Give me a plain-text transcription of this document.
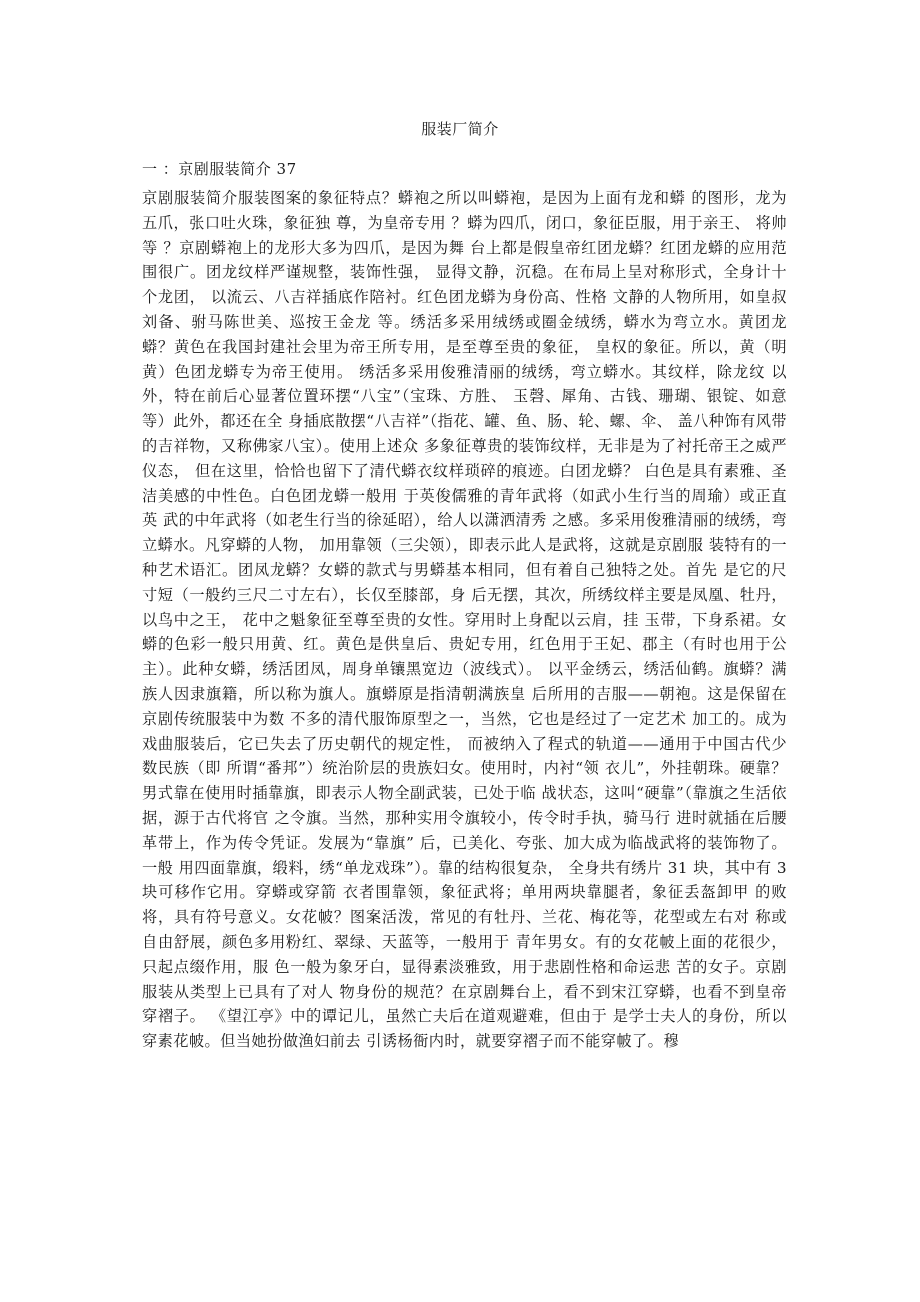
服装厂简介
一 ：京剧服装简介 37
京剧服装简介服装图案的象征特点？蟒袍之所以叫蟒袍，是因为上面有龙和蟒 的图形，龙为五爪，张口吐火珠，象征独 尊，为皇帝专用 ？蟒为四爪，闭口，象征臣服，用于亲王、 将帅等 ？京剧蟒袍上的龙形大多为四爪，是因为舞 台上都是假皇帝红团龙蟒？红团龙蟒的应用范围很广。团龙纹样严谨规整，装饰性强， 显得文静，沉稳。在布局上呈对称形式，全身计十个龙团， 以流云、八吉祥插底作陪衬。红色团龙蟒为身份高、性格 文静的人物所用，如皇叔刘备、驸马陈世美、巡按王金龙 等。绣活多采用绒绣或圈金绒绣，蟒水为弯立水。黄团龙蟒？黄色在我国封建社会里为帝王所专用，是至尊至贵的象征， 皇权的象征。所以，黄（明黄）色团龙蟒专为帝王使用。 绣活多采用俊雅清丽的绒绣，弯立蟒水。其纹样，除龙纹 以外，特在前后心显著位置环摆“八宝”（宝珠、方胜、 玉磬、犀角、古钱、珊瑚、银锭、如意等）此外，都还在全 身插底散摆“八吉祥”（指花、罐、鱼、肠、轮、螺、伞、 盖八种饰有风带的吉祥物，又称佛家八宝）。使用上述众 多象征尊贵的装饰纹样，无非是为了衬托帝王之威严仪态， 但在这里，恰恰也留下了清代蟒衣纹样琐碎的痕迹。白团龙蟒？ 白色是具有素雅、圣洁美感的中性色。白色团龙蟒一般用 于英俊儒雅的青年武将（如武小生行当的周瑜）或正直英 武的中年武将（如老生行当的徐延昭），给人以潇洒清秀 之感。多采用俊雅清丽的绒绣，弯立蟒水。凡穿蟒的人物， 加用靠领（三尖领），即表示此人是武将，这就是京剧服 装特有的一种艺术语汇。团凤龙蟒？女蟒的款式与男蟒基本相同，但有着自己独特之处。首先 是它的尺寸短（一般约三尺二寸左右），长仅至膝部，身 后无摆，其次，所绣纹样主要是凤凰、牡丹，以鸟中之王， 花中之魁象征至尊至贵的女性。穿用时上身配以云肩，挂 玉带，下身系裙。女蟒的色彩一般只用黄、红。黄色是供皇后、贵妃专用，红色用于王妃、郡主（有时也用于公 主）。此种女蟒，绣活团凤，周身单镶黑宽边（波线式）。 以平金绣云，绣活仙鹤。旗蟒？满族人因隶旗籍，所以称为旗人。旗蟒原是指清朝满族皇 后所用的吉服——朝袍。这是保留在京剧传统服装中为数 不多的清代服饰原型之一，当然，它也是经过了一定艺术 加工的。成为戏曲服装后，它已失去了历史朝代的规定性， 而被纳入了程式的轨道——通用于中国古代少数民族（即 所谓“番邦”）统治阶层的贵族妇女。使用时，内衬“领 衣儿”，外挂朝珠。硬靠？男式靠在使用时插靠旗，即表示人物全副武装，已处于临 战状态，这叫“硬靠”（靠旗之生活依据，源于古代将官 之令旗。当然，那种实用令旗较小，传令时手执，骑马行 进时就插在后腰革带上，作为传令凭证。发展为“靠旗” 后，已美化、夸张、加大成为临战武将的装饰物了。一般 用四面靠旗，缎料，绣“单龙戏珠”）。靠的结构很复杂， 全身共有绣片 31 块，其中有 3 块可移作它用。穿蟒或穿箭 衣者围靠领，象征武将；单用两块靠腿者，象征丢盔卸甲 的败将，具有符号意义。女花帔？图案活泼，常见的有牡丹、兰花、梅花等，花型或左右对 称或自由舒展，颜色多用粉红、翠绿、天蓝等，一般用于 青年男女。有的女花帔上面的花很少，只起点缀作用，服 色一般为象牙白，显得素淡雅致，用于悲剧性格和命运悲 苦的女子。京剧服装从类型上已具有了对人 物身份的规范？在京剧舞台上，看不到宋江穿蟒，也看不到皇帝穿褶子。 《望江亭》中的谭记儿，虽然亡夫后在道观避难，但由于 是学士夫人的身份，所以穿素花帔。但当她扮做渔妇前去 引诱杨衙内时，就要穿褶子而不能穿帔了。穆
